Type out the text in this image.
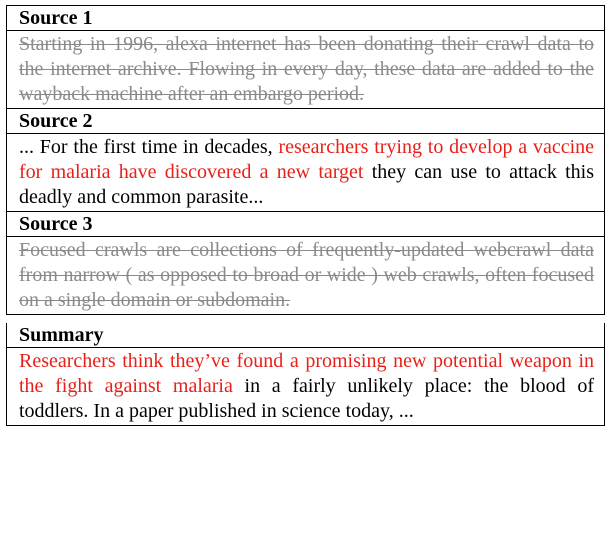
Source 1
Starting in 1996, alexa internet has been donating their crawl data to the internet archive. Flowing in every day, these data are added to the wayback machine after an embargo period.
Source 2
... For the first time in decades, researchers trying to develop a vaccine for malaria have discovered a new target they can use to attack this deadly and common parasite...
Source 3
Focused crawls are collections of frequently-updated webcrawl data from narrow ( as opposed to broad or wide ) web crawls, often focused on a single domain or subdomain.
Summary
Researchers think they’ve found a promising new potential weapon in the fight against malaria in a fairly unlikely place: the blood of toddlers. In a paper published in science today, ...
